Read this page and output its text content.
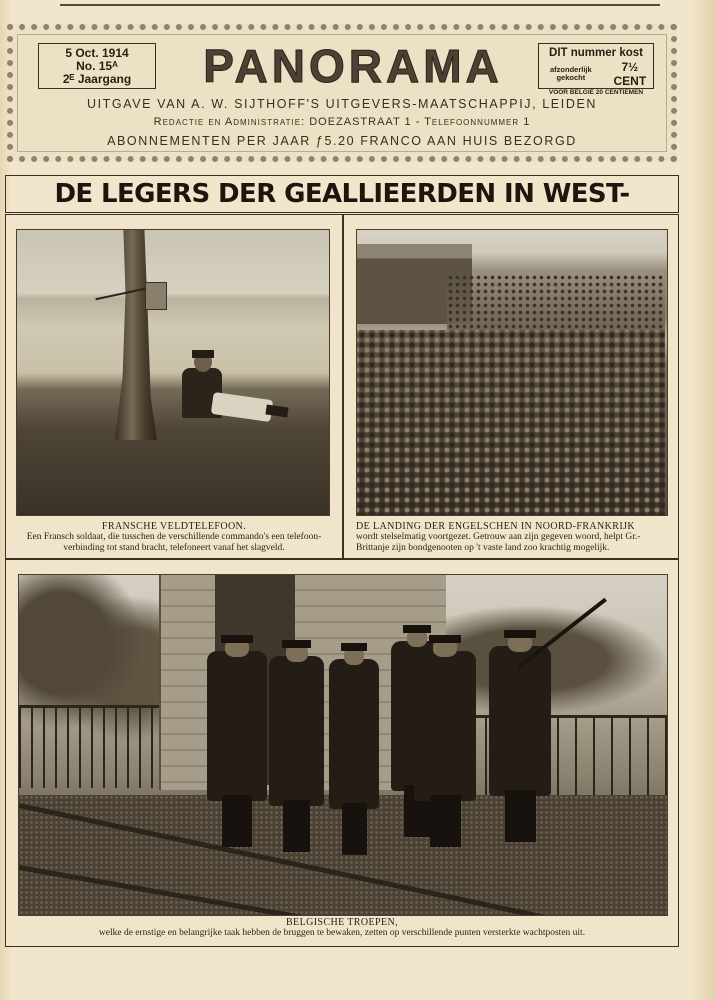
5 Oct. 1914
No. 15ᴬ
2ᴱ Jaargang	PANORAMA	DIT nummer kost
afzonderlijk gekocht
7½ CENT
VOOR BELGIË 20 CENTIEMEN
UITGAVE VAN A. W. SIJTHOFF'S UITGEVERS-MAATSCHAPPIJ, LEIDEN
Redactie en Administratie: DOEZASTRAAT 1 - Telefoonnummer 1
ABONNEMENTEN PER JAAR ƒ5.20 FRANCO AAN HUIS BEZORGD
DE LEGERS DER GEALLIEERDEN IN WEST-
FRANSCHE VELDTELEFOON.
Een Fransch soldaat, die tusschen de verschillende commando's een telefoon-verbinding tot stand bracht, telefoneert vanaf het slagveld.
DE LANDING DER ENGELSCHEN IN NOORD-FRANKRIJK
wordt stelselmatig voortgezet. Getrouw aan zijn gegeven woord, helpt Gr.-Brittanje zijn bondgenooten op 't vaste land zoo krachtig mogelijk.
BELGISCHE TROEPEN,
welke de ernstige en belangrijke taak hebben de bruggen te bewaken, zetten op verschillende punten versterkte wachtposten uit.
